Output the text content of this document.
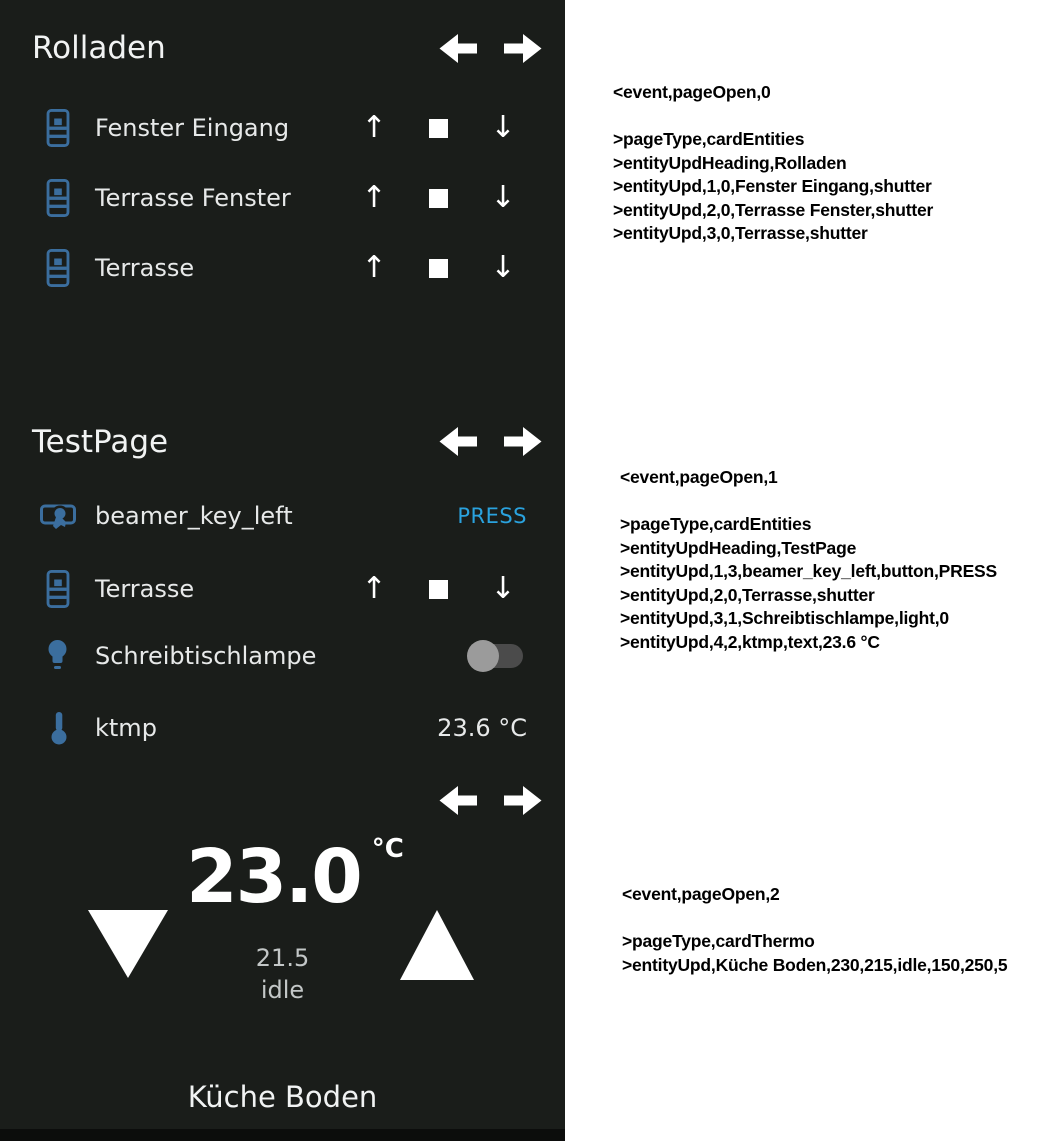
Rolladen
Fenster Eingang ↑	↓
Terrasse Fenster ↑	↓
Terrasse	↑	↓
TestPage
beamer_key_left	PRESS
Terrasse	↑	↓
Schreibtischlampe
ktmp	23.6 °C
23.0 °C
21.5
idle
Küche Boden
<event,pageOpen,0
>pageType,cardEntities
>entityUpdHeading,Rolladen
>entityUpd,1,0,Fenster Eingang,shutter
>entityUpd,2,0,Terrasse Fenster,shutter
>entityUpd,3,0,Terrasse,shutter
<event,pageOpen,1
>pageType,cardEntities
>entityUpdHeading,TestPage
>entityUpd,1,3,beamer_key_left,button,PRESS
>entityUpd,2,0,Terrasse,shutter
>entityUpd,3,1,Schreibtischlampe,light,0
>entityUpd,4,2,ktmp,text,23.6 °C
<event,pageOpen,2
>pageType,cardThermo
>entityUpd,Küche Boden,230,215,idle,150,250,5
